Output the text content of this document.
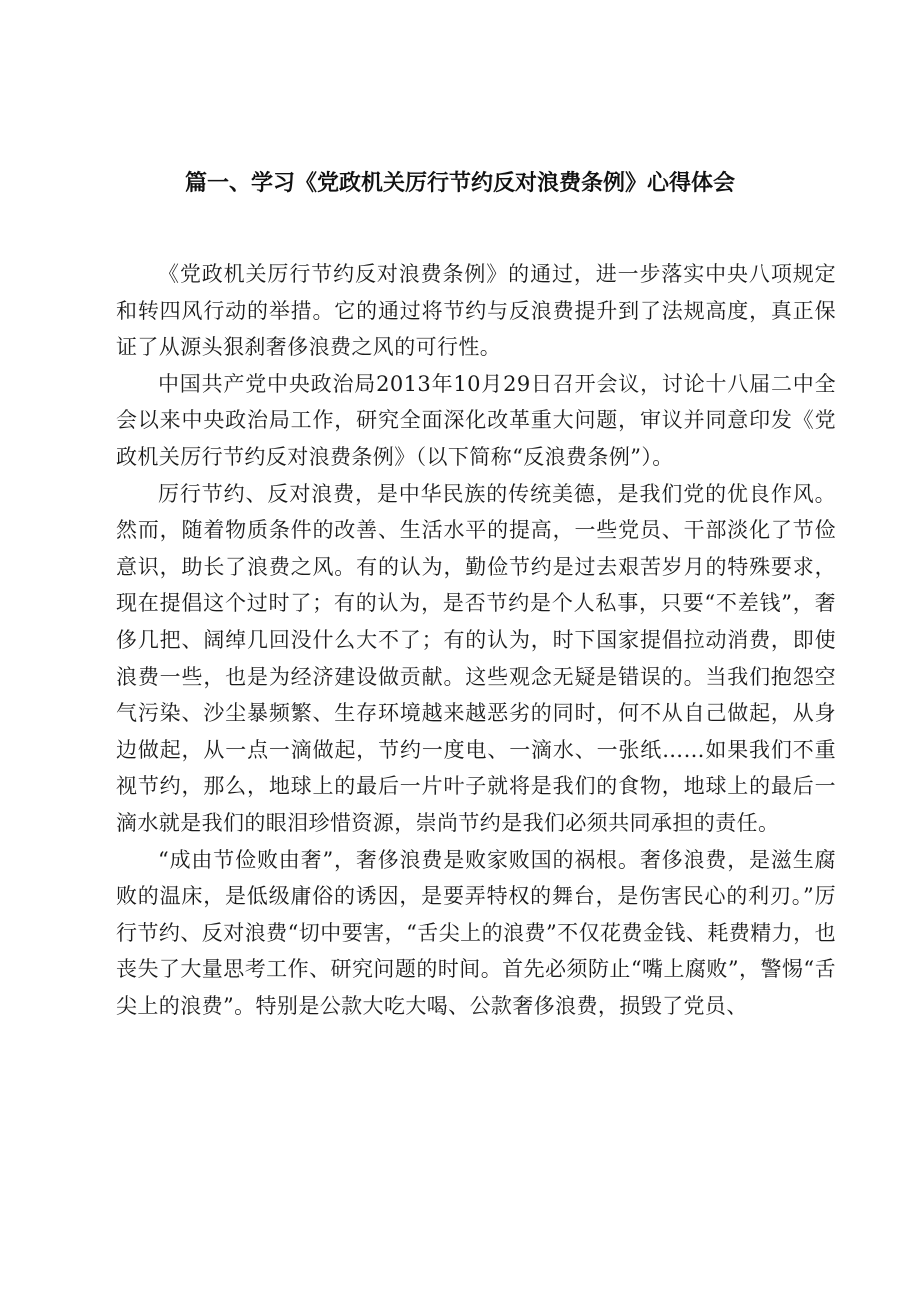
篇一、学习《党政机关厉行节约反对浪费条例》心得体会

《党政机关厉行节约反对浪费条例》的通过，进一步落实中央八项规定和转四风行动的举措。它的通过将节约与反浪费提升到了法规高度，真正保证了从源头狠刹奢侈浪费之风的可行性。

中国共产党中央政治局2013年10月29日召开会议，讨论十八届二中全会以来中央政治局工作，研究全面深化改革重大问题，审议并同意印发《党政机关厉行节约反对浪费条例》（以下简称“反浪费条例”）。

厉行节约、反对浪费，是中华民族的传统美德，是我们党的优良作风。然而，随着物质条件的改善、生活水平的提高，一些党员、干部淡化了节俭意识，助长了浪费之风。有的认为，勤俭节约是过去艰苦岁月的特殊要求，现在提倡这个过时了；有的认为，是否节约是个人私事，只要“不差钱”，奢侈几把、阔绰几回没什么大不了；有的认为，时下国家提倡拉动消费，即使浪费一些，也是为经济建设做贡献。这些观念无疑是错误的。当我们抱怨空气污染、沙尘暴频繁、生存环境越来越恶劣的同时，何不从自己做起，从身边做起，从一点一滴做起，节约一度电、一滴水、一张纸……如果我们不重视节约，那么，地球上的最后一片叶子就将是我们的食物，地球上的最后一滴水就是我们的眼泪珍惜资源，崇尚节约是我们必须共同承担的责任。

“成由节俭败由奢”，奢侈浪费是败家败国的祸根。奢侈浪费，是滋生腐败的温床，是低级庸俗的诱因，是要弄特权的舞台，是伤害民心的利刃。”厉行节约、反对浪费“切中要害，“舌尖上的浪费”不仅花费金钱、耗费精力，也丧失了大量思考工作、研究问题的时间。首先必须防止“嘴上腐败”，警惕“舌尖上的浪费”。特别是公款大吃大喝、公款奢侈浪费，损毁了党员、
